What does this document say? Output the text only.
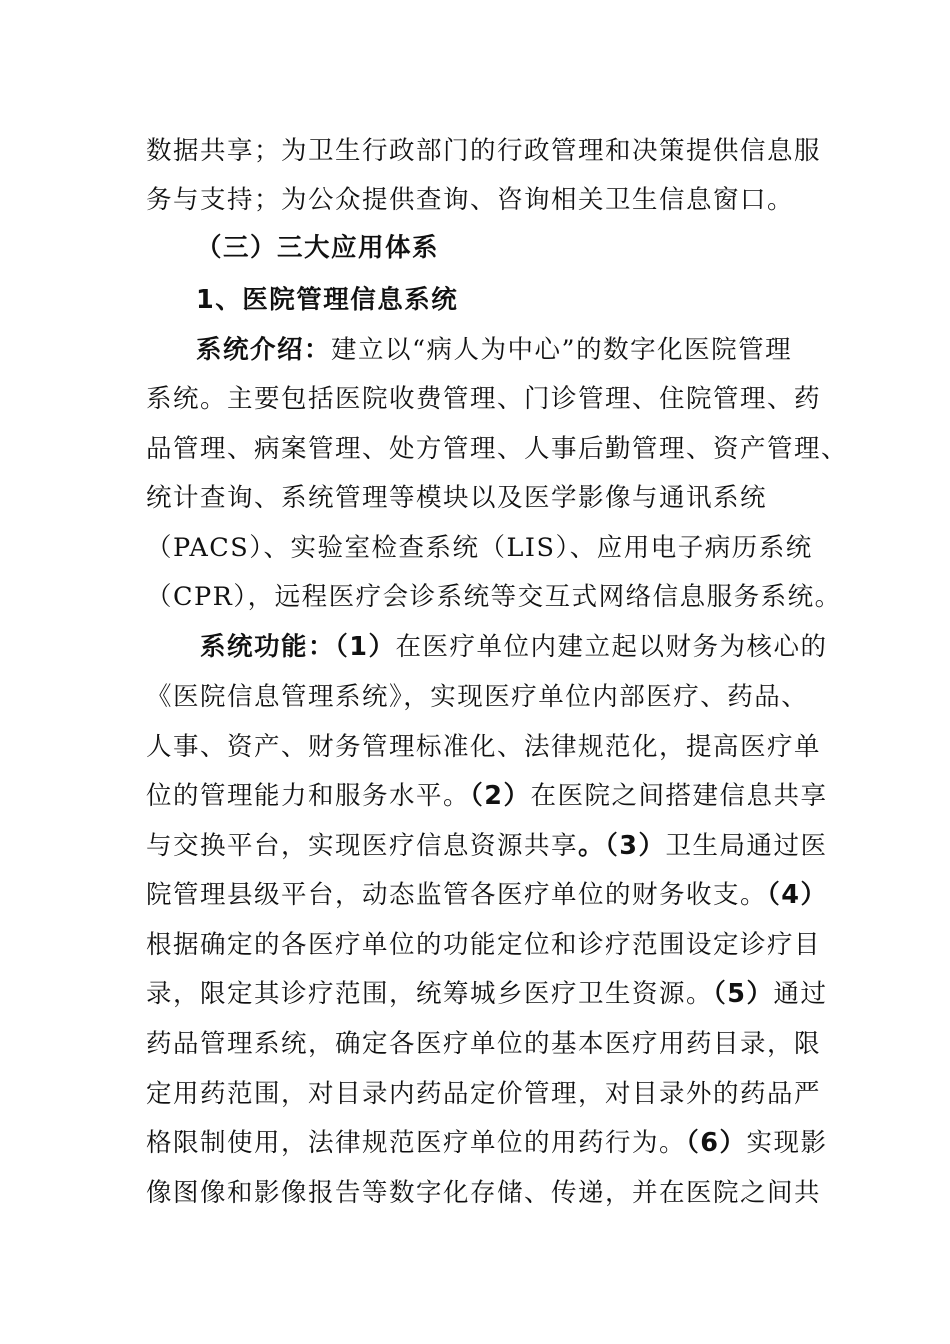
数据共享；为卫生行政部门的行政管理和决策提供信息服
务与支持；为公众提供查询、咨询相关卫生信息窗口。
（三）三大应用体系
1、医院管理信息系统
系统介绍：建立以“病人为中心”的数字化医院管理
系统。主要包括医院收费管理、门诊管理、住院管理、药
品管理、病案管理、处方管理、人事后勤管理、资产管理、
统计查询、系统管理等模块以及医学影像与通讯系统
（PACS）、实验室检查系统（LIS）、应用电子病历系统
（CPR），远程医疗会诊系统等交互式网络信息服务系统。
系统功能：（1）在医疗单位内建立起以财务为核心的
《医院信息管理系统》，实现医疗单位内部医疗、药品、
人事、资产、财务管理标准化、法律规范化，提高医疗单
位的管理能力和服务水平。（2）在医院之间搭建信息共享
与交换平台，实现医疗信息资源共享。（3）卫生局通过医
院管理县级平台，动态监管各医疗单位的财务收支。（4）
根据确定的各医疗单位的功能定位和诊疗范围设定诊疗目
录，限定其诊疗范围，统筹城乡医疗卫生资源。（5）通过
药品管理系统，确定各医疗单位的基本医疗用药目录，限
定用药范围，对目录内药品定价管理，对目录外的药品严
格限制使用，法律规范医疗单位的用药行为。（6）实现影
像图像和影像报告等数字化存储、传递，并在医院之间共
